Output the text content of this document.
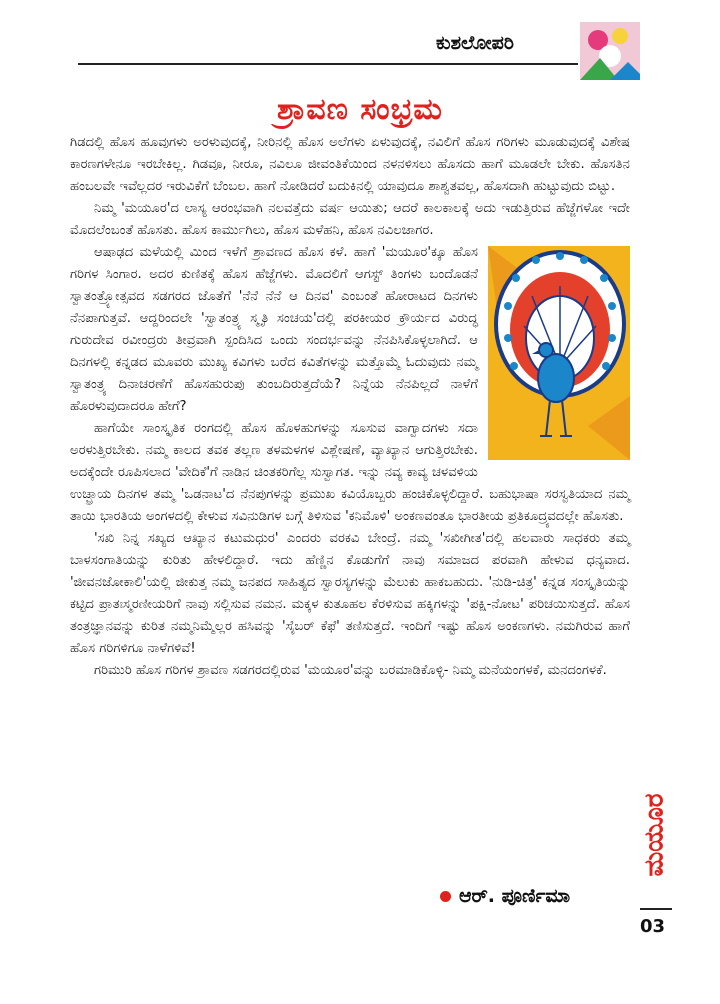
ಕುಶಲೋಪರಿ
ಶ್ರಾವಣ ಸಂಭ್ರಮ

ಗಿಡದಲ್ಲಿ ಹೊಸ ಹೂವುಗಳು ಅರಳುವುದಕ್ಕೆ, ನೀರಿನಲ್ಲಿ ಹೊಸ ಅಲೆಗಳು ಏಳುವುದಕ್ಕೆ, ನವಿಲಿಗೆ ಹೊಸ ಗರಿಗಳು ಮೂಡುವುದಕ್ಕೆ ವಿಶೇಷ ಕಾರಣಗಳೇನೂ ಇರಬೇಕಿಲ್ಲ. ಗಿಡವೂ, ನೀರೂ, ನವಿಲೂ ಜೀವಂತಿಕೆಯಿಂದ ನಳನಳಿಸಲು ಹೊಸದು ಹಾಗೆ ಮೂಡಲೇ ಬೇಕು. ಹೊಸತಿನ ಹಂಬಲವೇ ಇವೆಲ್ಲದರ ಇರುವಿಕೆಗೆ ಬೆಂಬಲ. ಹಾಗೆ ನೋಡಿದರೆ ಬದುಕಿನಲ್ಲಿ ಯಾವುದೂ ಶಾಶ್ವತವಲ್ಲ, ಹೊಸದಾಗಿ ಹುಟ್ಟುವುದು ಬಿಟ್ಟು.

ನಿಮ್ಮ 'ಮಯೂರ'ದ ಲಾಸ್ಯ ಆರಂಭವಾಗಿ ನಲವತ್ತೆದು ವರ್ಷ ಆಯಿತು; ಆದರೆ ಕಾಲಕಾಲಕ್ಕೆ ಅದು ಇಡುತ್ತಿರುವ ಹೆಜ್ಜೆಗಳೋ ಇದೇ ಮೊದಲೆಂಬಂತೆ ಹೊಸತು. ಹೊಸ ಕಾರ್ಮುಗಿಲು, ಹೊಸ ಮಳೆಹನಿ, ಹೊಸ ನವಿಲಜಾಗರ.

ಆಷಾಢದ ಮಳೆಯಲ್ಲಿ ಮಿಂದ ಇಳೆಗೆ ಶ್ರಾವಣದ ಹೊಸ ಕಳೆ. ಹಾಗೆ 'ಮಯೂರ'ಕ್ಕೂ ಹೊಸ ಗರಿಗಳ ಸಿಂಗಾರ. ಅದರ ಕುಣಿತಕ್ಕೆ ಹೊಸ ಹೆಜ್ಜೆಗಳು. ಮೊದಲಿಗೆ ಆಗಸ್ಟ್ ತಿಂಗಳು ಬಂದೊಡನೆ ಸ್ವಾತಂತ್ರ್ಯೋತ್ಸವದ ಸಡಗರದ ಜೊತೆಗೆ 'ನೆನೆ ನೆನೆ ಆ ದಿನವ' ಎಂಬಂತೆ ಹೋರಾಟದ ದಿನಗಳು ನೆನಪಾಗುತ್ತವೆ. ಆದ್ದರಿಂದಲೇ 'ಸ್ವಾತಂತ್ರ್ಯ ಸ್ಮೃತಿ ಸಂಚಯ'ದಲ್ಲಿ ಪರಕೀಯರ ಕ್ರೌರ್ಯದ ವಿರುದ್ಧ ಗುರುದೇವ ರವೀಂದ್ರರು ತೀವ್ರವಾಗಿ ಸ್ಪಂದಿಸಿದ ಒಂದು ಸಂದರ್ಭವನ್ನು ನೆನಪಿಸಿಕೊಳ್ಳಲಾಗಿದೆ. ಆ ದಿನಗಳಲ್ಲಿ ಕನ್ನಡದ ಮೂವರು ಮುಖ್ಯ ಕವಿಗಳು ಬರೆದ ಕವಿತೆಗಳನ್ನು ಮತ್ತೊಮ್ಮೆ ಓದುವುದು ನಮ್ಮ ಸ್ವಾತಂತ್ರ್ಯ ದಿನಾಚರಣೆಗೆ ಹೊಸಹುರುಪು ತುಂಬದಿರುತ್ತದೆಯೆ? ನಿನ್ನೆಯ ನೆನಪಿಲ್ಲದೆ ನಾಳೆಗೆ ಹೊರಳುವುದಾದರೂ ಹೇಗೆ?

ಹಾಗೆಯೇ ಸಾಂಸ್ಕೃತಿಕ ರಂಗದಲ್ಲಿ ಹೊಸ ಹೊಳಹುಗಳನ್ನು ಸೂಸುವ ವಾಗ್ವಾದಗಳು ಸದಾ ಅರಳುತ್ತಿರಬೇಕು. ನಮ್ಮ ಕಾಲದ ತವಕ ತಲ್ಲಣ ತಳಮಳಗಳ ವಿಶ್ಲೇಷಣೆ, ವ್ಯಾಖ್ಯಾನ ಆಗುತ್ತಿರಬೇಕು. ಅದಕ್ಕೆಂದೇ ರೂಪಿಸಲಾದ 'ವೇದಿಕೆ'ಗೆ ನಾಡಿನ ಚಿಂತಕರಿಗೆಲ್ಲ ಸುಸ್ವಾಗತ. ಇನ್ನು ನವ್ಯ ಕಾವ್ಯ ಚಳವಳಿಯ ಉಚ್ಛ್ರಾಯ ದಿನಗಳ ತಮ್ಮ 'ಒಡನಾಟ'ದ ನೆನಪುಗಳನ್ನು ಪ್ರಮುಖ ಕವಿಯೊಬ್ಬರು ಹಂಚಿಕೊಳ್ಳಲಿದ್ದಾರೆ. ಬಹುಭಾಷಾ ಸರಸ್ವತಿಯಾದ ನಮ್ಮ ತಾಯಿ ಭಾರತಿಯ ಅಂಗಳದಲ್ಲಿ ಕೇಳುವ ಸವಿನುಡಿಗಳ ಬಗ್ಗೆ ತಿಳಿಸುವ 'ಕನಿಮೊಳಿ' ಅಂಕಣವಂತೂ ಭಾರತೀಯ ಪ್ರತಿಕೂದ್ರ್ಯವದಲ್ಲೇ ಹೊಸತು.

'ಸಖಿ ನಿನ್ನ ಸಖ್ಯದ ಆಖ್ಯಾನ ಕಟುಮಧುರ' ಎಂದರು ವರಕವಿ ಬೇಂದ್ರೆ. ನಮ್ಮ 'ಸಖೀಗೀತ'ದಲ್ಲಿ ಹಲವಾರು ಸಾಧಕರು ತಮ್ಮ ಬಾಳಸಂಗಾತಿಯನ್ನು ಕುರಿತು ಹೇಳಲಿದ್ದಾರೆ. ಇದು ಹೆಣ್ಣಿನ ಕೊಡುಗೆಗೆ ನಾವು ಸಮಾಜದ ಪರವಾಗಿ ಹೇಳುವ ಧನ್ಯವಾದ. 'ಜೀವನಜೋಕಾಲಿ'ಯಲ್ಲಿ ಜೀಕುತ್ತ ನಮ್ಮ ಜನಪದ ಸಾಹಿತ್ಯದ ಸ್ವಾರಸ್ಯಗಳನ್ನು ಮೆಲುಕು ಹಾಕಬಹುದು. 'ನುಡಿ-ಚಿತ್ರ' ಕನ್ನಡ ಸಂಸ್ಕೃತಿಯನ್ನು ಕಟ್ಟಿದ ಪ್ರಾತಃಸ್ಮರಣೀಯರಿಗೆ ನಾವು ಸಲ್ಲಿಸುವ ನಮನ. ಮಕ್ಕಳ ಕುತೂಹಲ ಕೆರಳಿಸುವ ಹಕ್ಕಿಗಳನ್ನು 'ಪಕ್ಷಿ-ನೋಟ' ಪರಿಚಯಿಸುತ್ತದೆ. ಹೊಸ ತಂತ್ರಜ್ಞಾನವನ್ನು ಕುರಿತ ನಮ್ಮನಿಮ್ಮೆಲ್ಲರ ಹಸಿವನ್ನು 'ಸೈಬರ್ ಕೆಫೆ' ತಣಿಸುತ್ತದೆ. ಇಂದಿಗೆ ಇಷ್ಟು ಹೊಸ ಅಂಕಣಗಳು. ನಮಗಿರುವ ಹಾಗೆ ಹೊಸ ಗರಿಗಳಿಗೂ ನಾಳೆಗಳಿವೆ!

ಗರಿಮುರಿ ಹೊಸ ಗರಿಗಳ ಶ್ರಾವಣ ಸಡಗರದಲ್ಲಿರುವ 'ಮಯೂರ'ವನ್ನು ಬರಮಾಡಿಕೊಳ್ಳಿ- ನಿಮ್ಮ ಮನೆಯಂಗಳಕೆ, ಮನದಂಗಳಕೆ.

ಆರ್. ಪೂರ್ಣಿಮಾ
ಮಯೂರ
03
